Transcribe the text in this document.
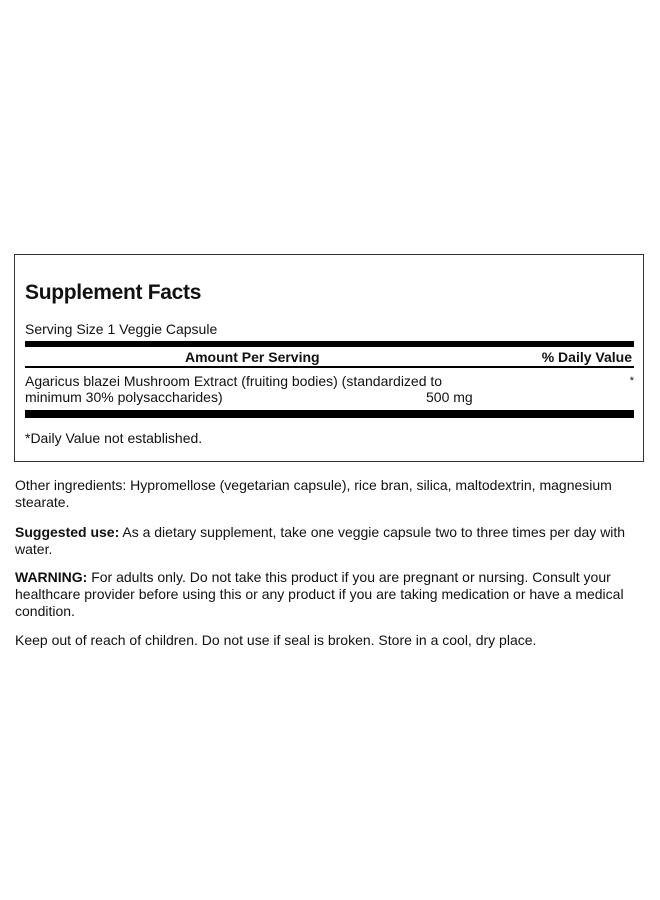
Supplement Facts
Serving Size 1 Veggie Capsule
Amount Per Serving	% Daily Value
Agaricus blazei Mushroom Extract (fruiting bodies) (standardized to minimum 30% polysaccharides)	500 mg
*
*Daily Value not established.

Other ingredients: Hypromellose (vegetarian capsule), rice bran, silica, maltodextrin, magnesium stearate.

Suggested use: As a dietary supplement, take one veggie capsule two to three times per day with water.

WARNING: For adults only. Do not take this product if you are pregnant or nursing. Consult your healthcare provider before using this or any product if you are taking medication or have a medical condition.

Keep out of reach of children. Do not use if seal is broken. Store in a cool, dry place.
